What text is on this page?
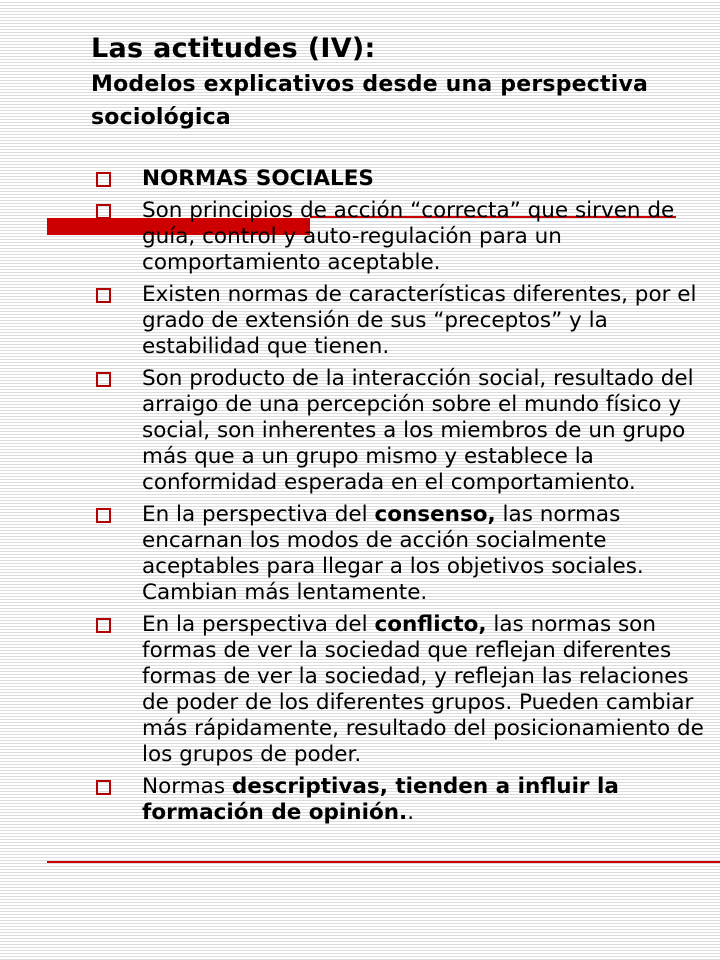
Las actitudes (IV):
Modelos explicativos desde una perspectiva sociológica
NORMAS SOCIALES
Son principios de acción “correcta” que sirven de guía, control y auto-regulación para un comportamiento aceptable.
Existen normas de características diferentes, por el grado de extensión de sus “preceptos” y la estabilidad que tienen.
Son producto de la interacción social, resultado del arraigo de una percepción sobre el mundo físico y social, son inherentes a los miembros de un grupo más que a un grupo mismo y establece la conformidad esperada en el comportamiento.
En la perspectiva del consenso, las normas encarnan los modos de acción socialmente aceptables para llegar a los objetivos sociales. Cambian más lentamente.
En la perspectiva del conflicto, las normas son formas de ver la sociedad que reflejan diferentes formas de ver la sociedad, y reflejan las relaciones de poder de los diferentes grupos. Pueden cambiar más rápidamente, resultado del posicionamiento de los grupos de poder.
Normas descriptivas, tienden a influir la formación de opinión..
